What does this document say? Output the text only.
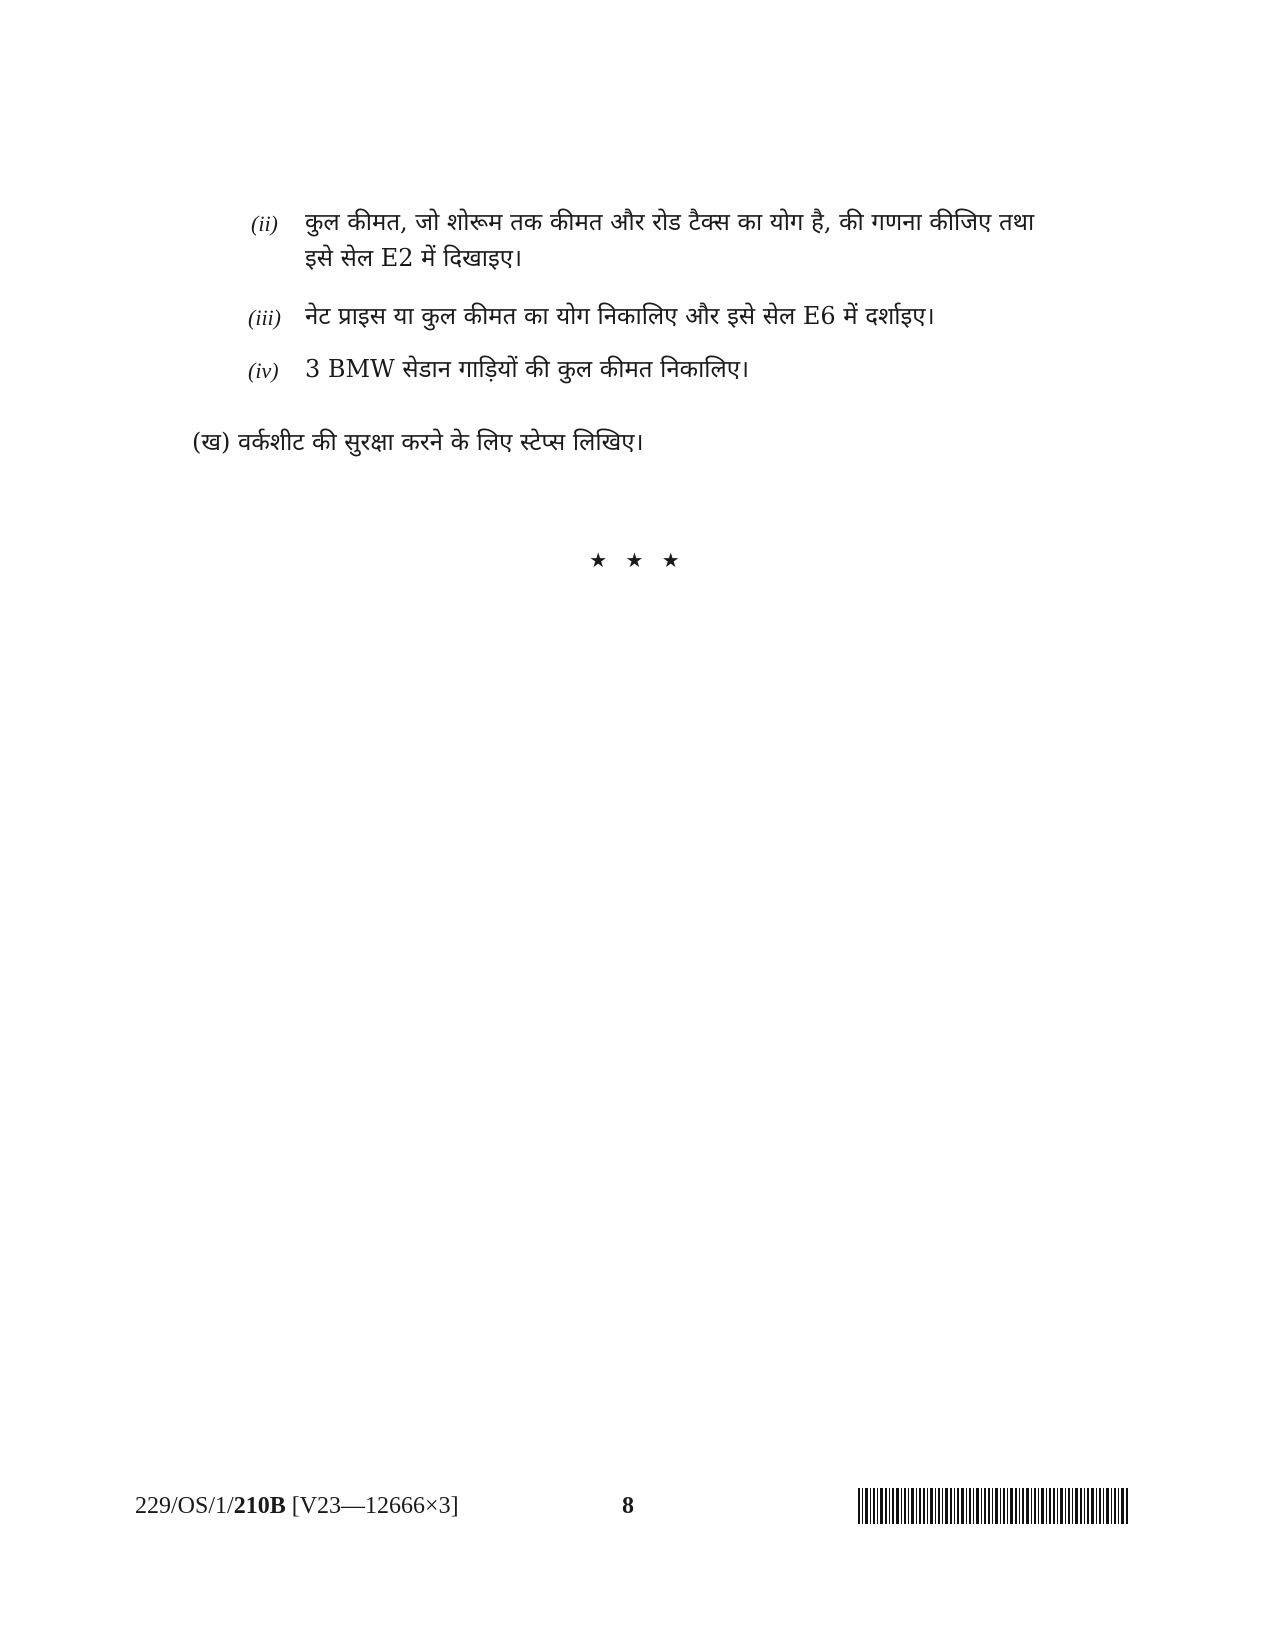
(ii) कुल कीमत, जो शोरूम तक कीमत और रोड टैक्स का योग है, की गणना कीजिए तथा
इसे सेल E2 में दिखाइए।
(iii) नेट प्राइस या कुल कीमत का योग निकालिए और इसे सेल E6 में दर्शाइए।
(iv) 3 BMW सेडान गाड़ियों की कुल कीमत निकालिए।
(ख) वर्कशीट की सुरक्षा करने के लिए स्टेप्स लिखिए।
★ ★ ★
229/OS/1/210B [V23—12666×3]	8
